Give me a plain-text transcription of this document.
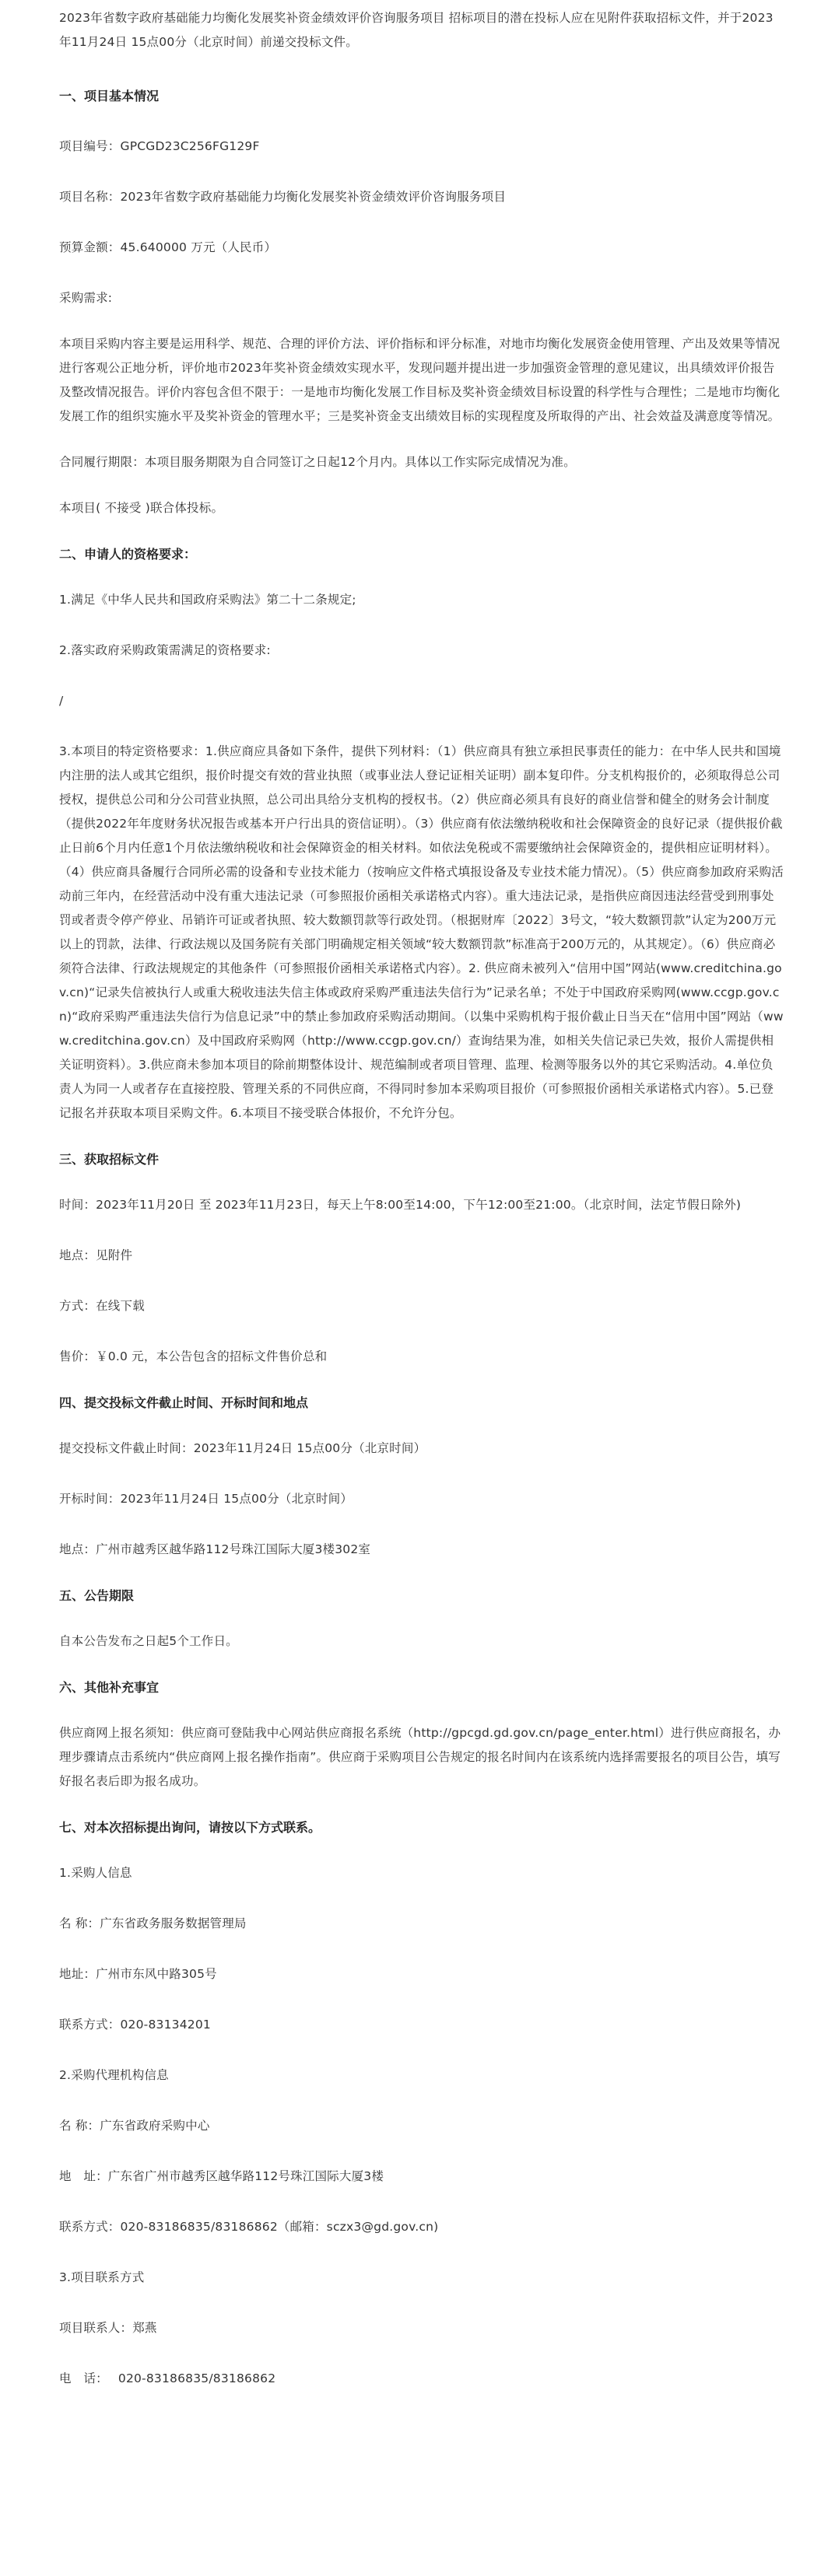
2023年省数字政府基础能力均衡化发展奖补资金绩效评价咨询服务项目 招标项目的潜在投标人应在见附件获取招标文件，并于2023年11月24日 15点00分（北京时间）前递交投标文件。

一、项目基本情况

项目编号：GPCGD23C256FG129F

项目名称：2023年省数字政府基础能力均衡化发展奖补资金绩效评价咨询服务项目

预算金额：45.640000 万元（人民币）

采购需求:

本项目采购内容主要是运用科学、规范、合理的评价方法、评价指标和评分标准，对地市均衡化发展资金使用管理、产出及效果等情况进行客观公正地分析，评价地市2023年奖补资金绩效实现水平，发现问题并提出进一步加强资金管理的意见建议，出具绩效评价报告及整改情况报告。评价内容包含但不限于：一是地市均衡化发展工作目标及奖补资金绩效目标设置的科学性与合理性；二是地市均衡化发展工作的组织实施水平及奖补资金的管理水平；三是奖补资金支出绩效目标的实现程度及所取得的产出、社会效益及满意度等情况。

合同履行期限：本项目服务期限为自合同签订之日起12个月内。具体以工作实际完成情况为准。

本项目( 不接受 )联合体投标。

二、申请人的资格要求：

1.满足《中华人民共和国政府采购法》第二十二条规定;

2.落实政府采购政策需满足的资格要求:

/

3.本项目的特定资格要求：1.供应商应具备如下条件，提供下列材料：（1）供应商具有独立承担民事责任的能力：在中华人民共和国境内注册的法人或其它组织，报价时提交有效的营业执照（或事业法人登记证相关证明）副本复印件。分支机构报价的，必须取得总公司授权，提供总公司和分公司营业执照，总公司出具给分支机构的授权书。（2）供应商必须具有良好的商业信誉和健全的财务会计制度（提供2022年年度财务状况报告或基本开户行出具的资信证明）。（3）供应商有依法缴纳税收和社会保障资金的良好记录（提供报价截止日前6个月内任意1个月依法缴纳税收和社会保障资金的相关材料。如依法免税或不需要缴纳社会保障资金的，提供相应证明材料）。（4）供应商具备履行合同所必需的设备和专业技术能力（按响应文件格式填报设备及专业技术能力情况）。（5）供应商参加政府采购活动前三年内，在经营活动中没有重大违法记录（可参照报价函相关承诺格式内容）。重大违法记录，是指供应商因违法经营受到刑事处罚或者责令停产停业、吊销许可证或者执照、较大数额罚款等行政处罚。（根据财库〔2022〕3号文，“较大数额罚款”认定为200万元以上的罚款，法律、行政法规以及国务院有关部门明确规定相关领域“较大数额罚款”标准高于200万元的，从其规定）。（6）供应商必须符合法律、行政法规规定的其他条件（可参照报价函相关承诺格式内容）。2. 供应商未被列入“信用中国”网站(www.creditchina.gov.cn)“记录失信被执行人或重大税收违法失信主体或政府采购严重违法失信行为”记录名单；不处于中国政府采购网(www.ccgp.gov.cn)“政府采购严重违法失信行为信息记录”中的禁止参加政府采购活动期间。（以集中采购机构于报价截止日当天在“信用中国”网站（www.creditchina.gov.cn）及中国政府采购网（http://www.ccgp.gov.cn/）查询结果为准，如相关失信记录已失效，报价人需提供相关证明资料）。3.供应商未参加本项目的除前期整体设计、规范编制或者项目管理、监理、检测等服务以外的其它采购活动。4.单位负责人为同一人或者存在直接控股、管理关系的不同供应商，不得同时参加本采购项目报价（可参照报价函相关承诺格式内容）。5.已登记报名并获取本项目采购文件。6.本项目不接受联合体报价，不允许分包。

三、获取招标文件

时间：2023年11月20日 至 2023年11月23日，每天上午8:00至14:00，下午12:00至21:00。（北京时间，法定节假日除外)

地点：见附件

方式：在线下载

售价：￥0.0 元，本公告包含的招标文件售价总和

四、提交投标文件截止时间、开标时间和地点

提交投标文件截止时间：2023年11月24日 15点00分（北京时间）

开标时间：2023年11月24日 15点00分（北京时间）

地点：广州市越秀区越华路112号珠江国际大厦3楼302室

五、公告期限

自本公告发布之日起5个工作日。

六、其他补充事宜

供应商网上报名须知：供应商可登陆我中心网站供应商报名系统（http://gpcgd.gd.gov.cn/page_enter.html）进行供应商报名，办理步骤请点击系统内“供应商网上报名操作指南”。供应商于采购项目公告规定的报名时间内在该系统内选择需要报名的项目公告，填写好报名表后即为报名成功。

七、对本次招标提出询问，请按以下方式联系。

1.采购人信息

名 称：广东省政务服务数据管理局

地址：广州市东风中路305号

联系方式：020-83134201

2.采购代理机构信息

名 称：广东省政府采购中心

地　址：广东省广州市越秀区越华路112号珠江国际大厦3楼

联系方式：020-83186835/83186862（邮箱：sczx3@gd.gov.cn)

3.项目联系方式

项目联系人：郑燕

电　话：　 020-83186835/83186862
